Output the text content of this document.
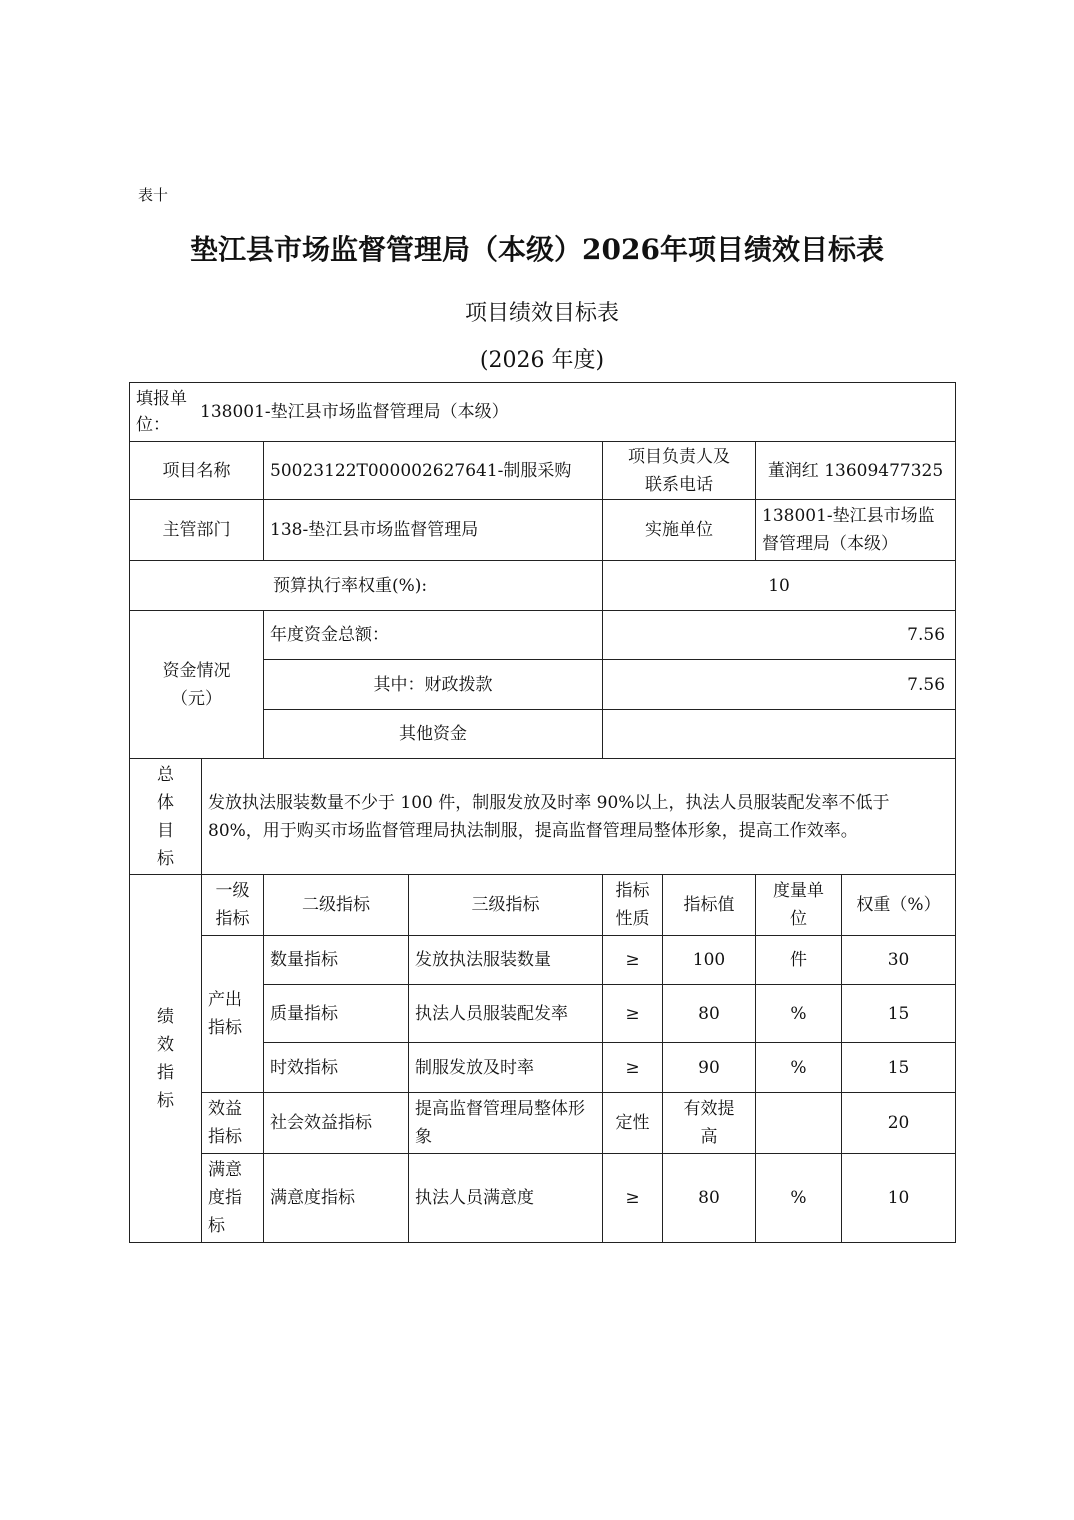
表十
垫江县市场监督管理局（本级）2026年项目绩效目标表
项目绩效目标表
(2026 年度)
填报单位：
138001-垫江县市场监督管理局（本级）							

项目名称		50023122T000002627641-制服采购		项目负责人及联系电话		董润红 13609477325	
主管部门		138-垫江县市场监督管理局		实施单位		138001-垫江县市场监督管理局（本级）	
预算执行率权重(%):				10			
资金情况（元）		年度资金总额：		7.56			
		其中：财政拨款		7.56			
		其他资金					
总体目标	发放执法服装数量不少于 100 件，制服发放及时率 90%以上，执法人员服装配发率不低于 80%，用于购买市场监督管理局执法制服，提高监督管理局整体形象，提高工作效率。						
绩效指标	一级指标	二级指标	三级指标	指标性质	指标值	度量单位	权重（%）
	产出指标	数量指标	发放执法服装数量	≥	100	件	30
		质量指标	执法人员服装配发率	≥	80	%	15
		时效指标	制服发放及时率	≥	90	%	15
	效益指标	社会效益指标	提高监督管理局整体形象	定性	有效提高		20
	满意度指标	满意度指标	执法人员满意度	≥	80	%	10
